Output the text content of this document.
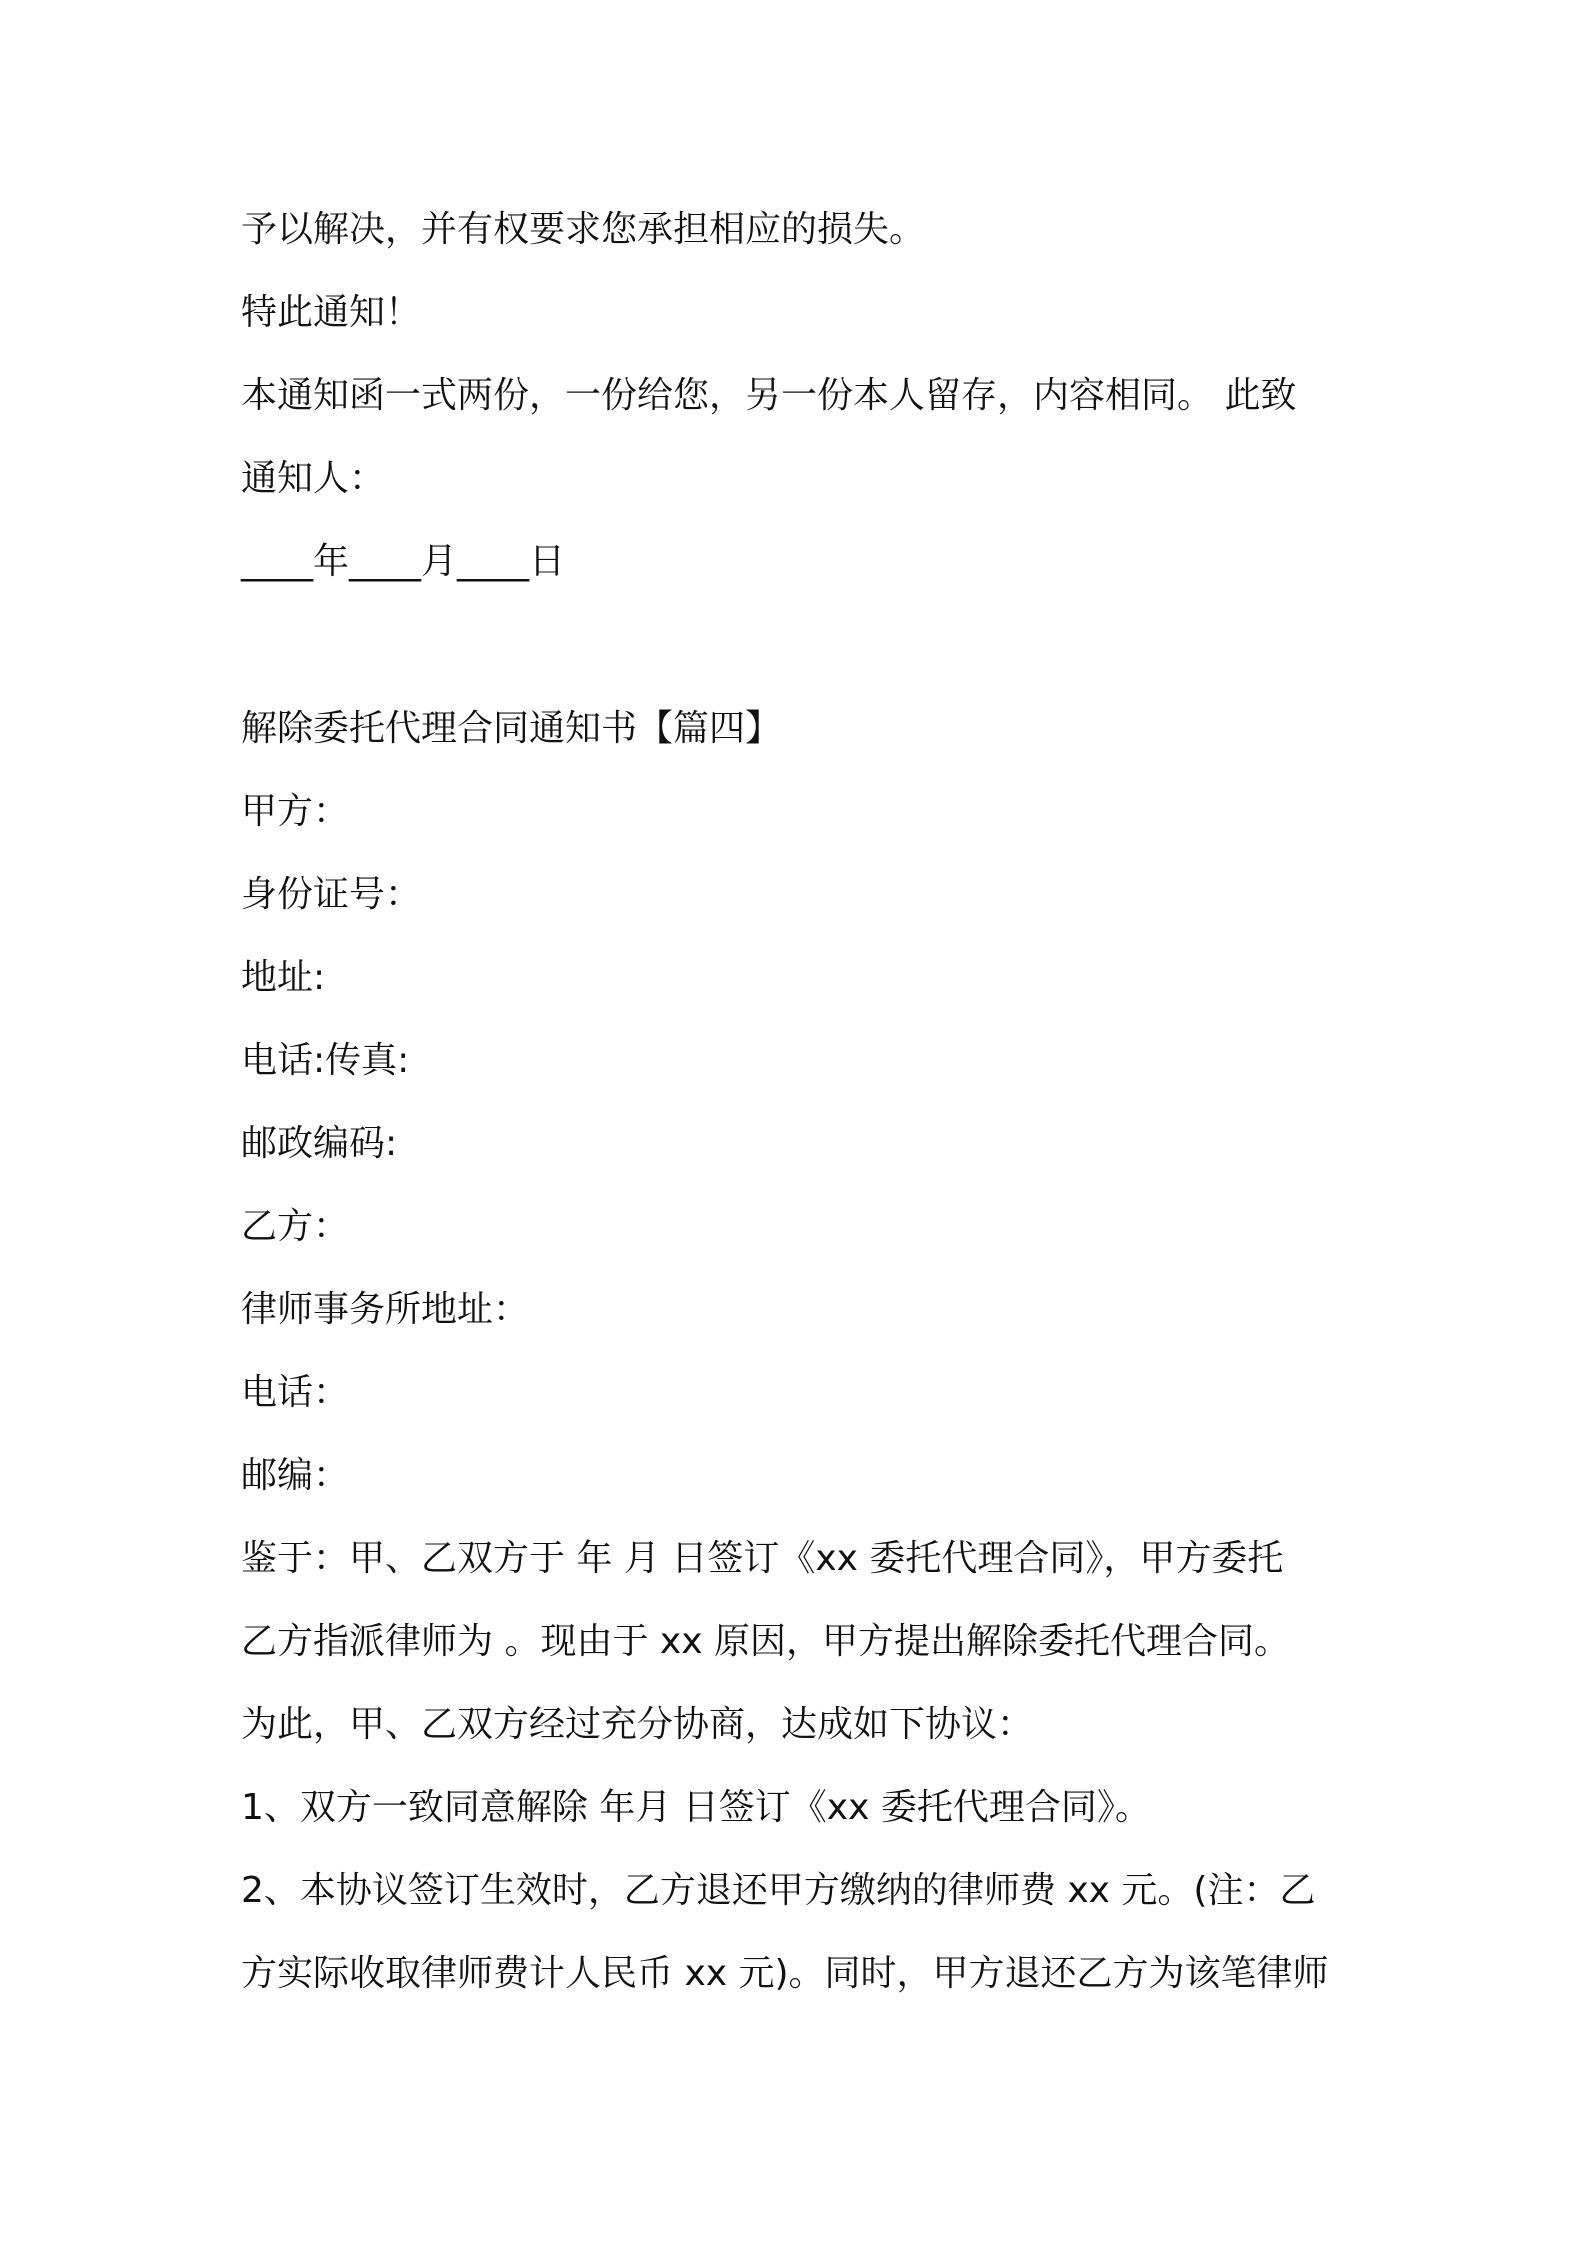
予以解决，并有权要求您承担相应的损失。

特此通知！

本通知函一式两份，一份给您，另一份本人留存，内容相同。 此致

通知人：

____年____月____日

解除委托代理合同通知书【篇四】

甲方：

身份证号：

地址:

电话:传真:

邮政编码:

乙方：

律师事务所地址：

电话：

邮编：

鉴于：甲、乙双方于 年 月 日签订《xx 委托代理合同》，甲方委托

乙方指派律师为 。现由于 xx 原因，甲方提出解除委托代理合同。

为此，甲、乙双方经过充分协商，达成如下协议：

1、双方一致同意解除 年月 日签订《xx 委托代理合同》。

2、本协议签订生效时，乙方退还甲方缴纳的律师费 xx 元。(注：乙

方实际收取律师费计人民币 xx 元)。同时，甲方退还乙方为该笔律师
